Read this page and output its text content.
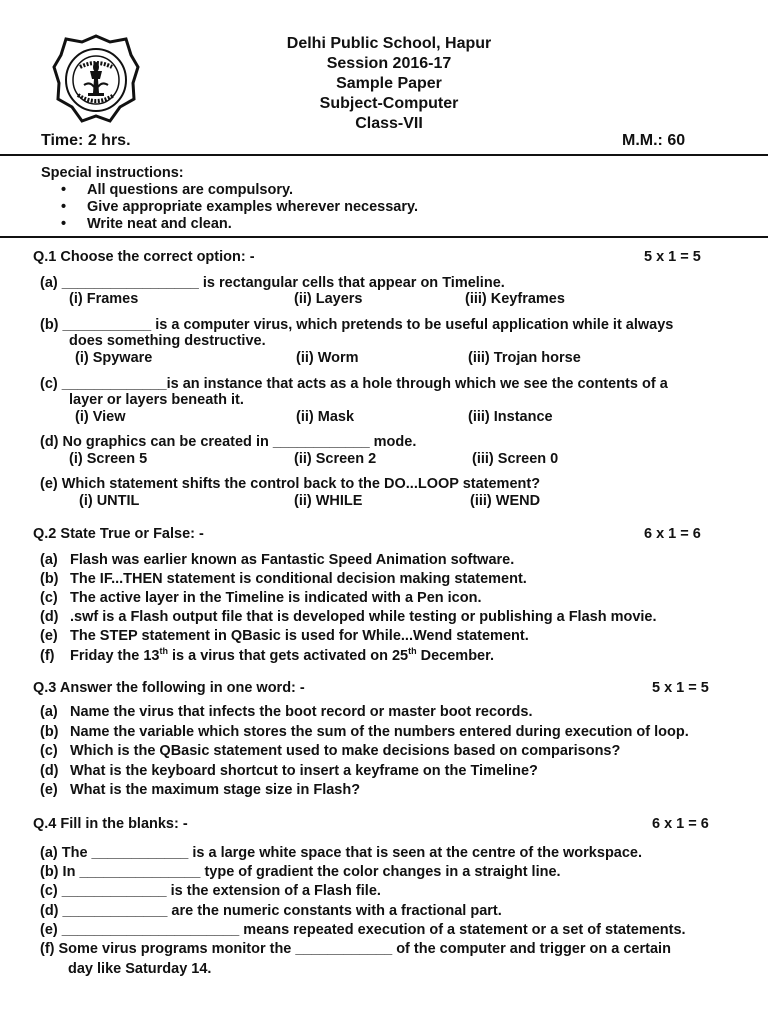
Delhi Public School, Hapur
Session 2016-17
Sample Paper
Subject-Computer
Class-VII
Time: 2 hrs.	M.M.: 60
Special instructions:
• All questions are compulsory.
• Give appropriate examples wherever necessary.
• Write neat and clean.
Q.1 Choose the correct option: -	5 x 1 = 5
(a) _________________ is rectangular cells that appear on Timeline.
(i) Frames	(ii) Layers	(iii) Keyframes
(b) ___________ is a computer virus, which pretends to be useful application while it always
does something destructive.
(i) Spyware	(ii) Worm	(iii) Trojan horse
(c) _____________is an instance that acts as a hole through which we see the contents of a
layer or layers beneath it.
(i) View	(ii) Mask	(iii) Instance
(d) No graphics can be created in ____________ mode.
(i) Screen 5	(ii) Screen 2	(iii) Screen 0
(e) Which statement shifts the control back to the DO...LOOP statement?
(i) UNTIL	(ii) WHILE	(iii) WEND
Q.2 State True or False: -	6 x 1 = 6
(a) Flash was earlier known as Fantastic Speed Animation software.
(b) The IF...THEN statement is conditional decision making statement.
(c) The active layer in the Timeline is indicated with a Pen icon.
(d) .swf is a Flash output file that is developed while testing or publishing a Flash movie.
(e) The STEP statement in QBasic is used for While...Wend statement.
(f) Friday the 13th is a virus that gets activated on 25th December.
Q.3 Answer the following in one word: -	5 x 1 = 5
(a) Name the virus that infects the boot record or master boot records.
(b) Name the variable which stores the sum of the numbers entered during execution of loop.
(c) Which is the QBasic statement used to make decisions based on comparisons?
(d) What is the keyboard shortcut to insert a keyframe on the Timeline?
(e) What is the maximum stage size in Flash?
Q.4 Fill in the blanks: -	6 x 1 = 6
(a) The ____________ is a large white space that is seen at the centre of the workspace.
(b) In _______________ type of gradient the color changes in a straight line.
(c) _____________ is the extension of a Flash file.
(d) _____________ are the numeric constants with a fractional part.
(e) ______________________ means repeated execution of a statement or a set of statements.
(f) Some virus programs monitor the ____________ of the computer and trigger on a certain
day like Saturday 14.
